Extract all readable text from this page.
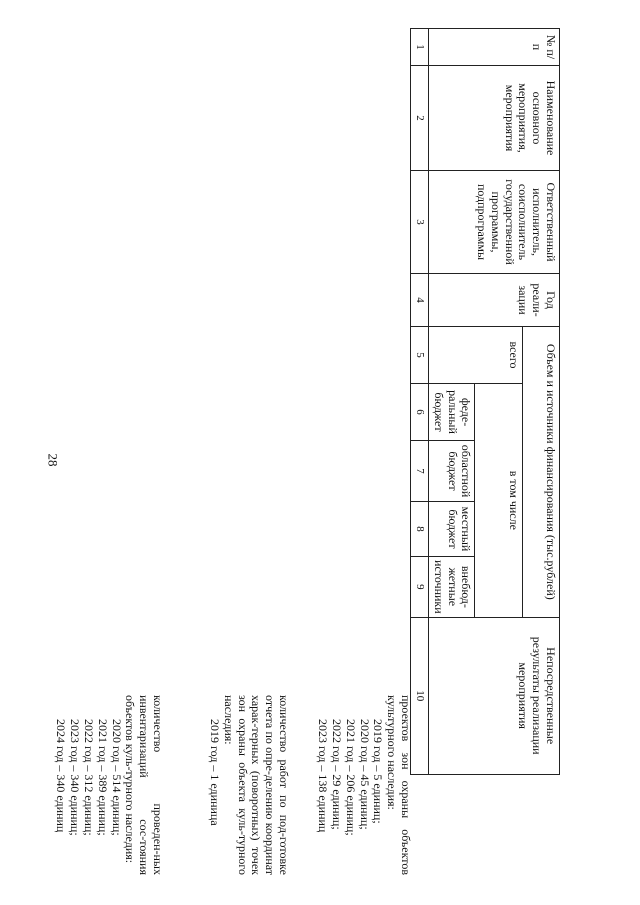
28
№ п/п	Наименование основного мероприятия, мероприятия	Ответственный исполнитель, соисполнитель государственной программы, подпрограммы	Год реали-зации	Объем и источники финансирования (тыс.рублей)					Непосредственные результаты реализации мероприятия
				всего	в том числе				
					феде-ральный бюджет	областной бюджет	местный бюджет	внебюд-жетные источники	
1	2	3	4	5	6	7	8	9	10
проектов зон охраны объектов культурного наследия:
2019 год – 5 единиц;
2020 год – 45 единиц;
2021 год – 206 единиц;
2022 год – 29 единиц;
2023 год – 138 единиц
количество работ по под-готовке отчета по опре-делению координат харак-терных (поворотных) точек зон охраны объекта куль-турного наследия:
2019 год – 1 единица
количество проведен-ных инвентаризаций сос-тояния объектов куль-турного наследия:
2020 год – 514 единиц;
2021 год – 389 единиц;
2022 год – 312 единиц;
2023 год – 340 единиц;
2024 год – 340 единиц
